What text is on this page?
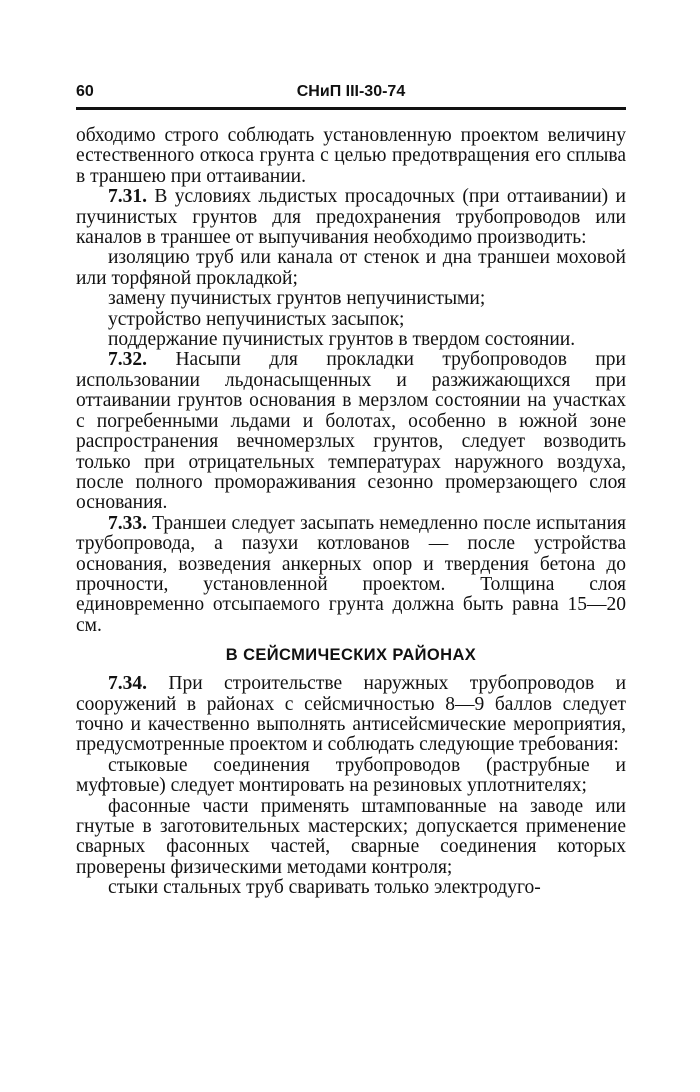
60	СНиП III-30-74

обходимо строго соблюдать установленную проектом величину естественного откоса грунта с целью предотвращения его сплыва в траншею при оттаивании.

7.31. В условиях льдистых просадочных (при оттаивании) и пучинистых грунтов для предохранения трубопроводов или каналов в траншее от выпучивания необходимо производить:

изоляцию труб или канала от стенок и дна траншеи моховой или торфяной прокладкой;

замену пучинистых грунтов непучинистыми;

устройство непучинистых засыпок;

поддержание пучинистых грунтов в твердом состоянии.

7.32. Насыпи для прокладки трубопроводов при использовании льдонасыщенных и разжижающихся при оттаивании грунтов основания в мерзлом состоянии на участках с погребенными льдами и болотах, особенно в южной зоне распространения вечномерзлых грунтов, следует возводить только при отрицательных температурах наружного воздуха, после полного промораживания сезонно промерзающего слоя основания.

7.33. Траншеи следует засыпать немедленно после испытания трубопровода, а пазухи котлованов — после устройства основания, возведения анкерных опор и твердения бетона до прочности, установленной проектом. Толщина слоя единовременно отсыпаемого грунта должна быть равна 15—20 см.

В СЕЙСМИЧЕСКИХ РАЙОНАХ

7.34. При строительстве наружных трубопроводов и сооружений в районах с сейсмичностью 8—9 баллов следует точно и качественно выполнять антисейсмические мероприятия, предусмотренные проектом и соблюдать следующие требования:

стыковые соединения трубопроводов (раструбные и муфтовые) следует монтировать на резиновых уплотнителях;

фасонные части применять штампованные на заводе или гнутые в заготовительных мастерских; допускается применение сварных фасонных частей, сварные соединения которых проверены физическими методами контроля;

стыки стальных труб сваривать только электродуго-
